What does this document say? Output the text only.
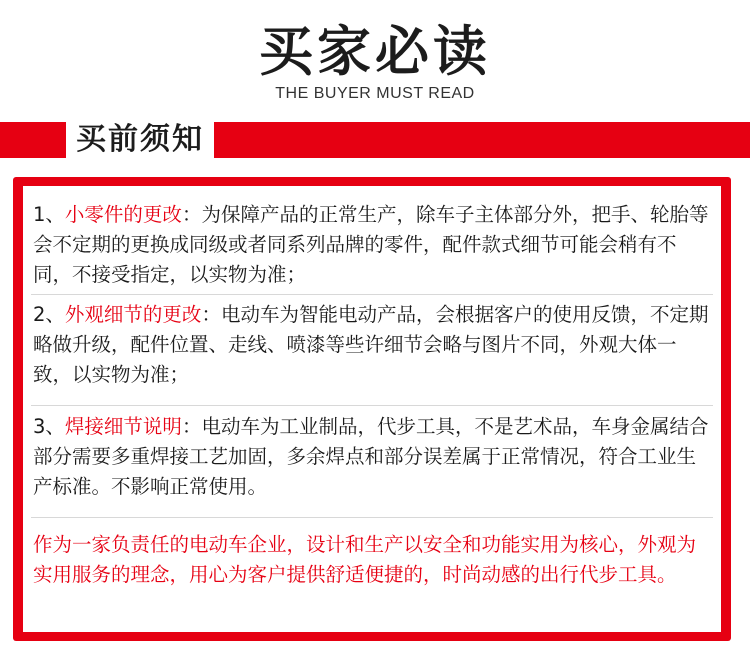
买家必读
THE BUYER MUST READ
买前须知
1、小零件的更改：为保障产品的正常生产，除车子主体部分外，把手、轮胎等会不定期的更换成同级或者同系列品牌的零件，配件款式细节可能会稍有不同，不接受指定，以实物为准；
2、外观细节的更改：电动车为智能电动产品，会根据客户的使用反馈，不定期略做升级，配件位置、走线、喷漆等些许细节会略与图片不同，外观大体一致，以实物为准；
3、焊接细节说明：电动车为工业制品，代步工具，不是艺术品，车身金属结合部分需要多重焊接工艺加固，多余焊点和部分误差属于正常情况，符合工业生产标准。不影响正常使用。
作为一家负责任的电动车企业，设计和生产以安全和功能实用为核心，外观为实用服务的理念，用心为客户提供舒适便捷的，时尚动感的出行代步工具。
